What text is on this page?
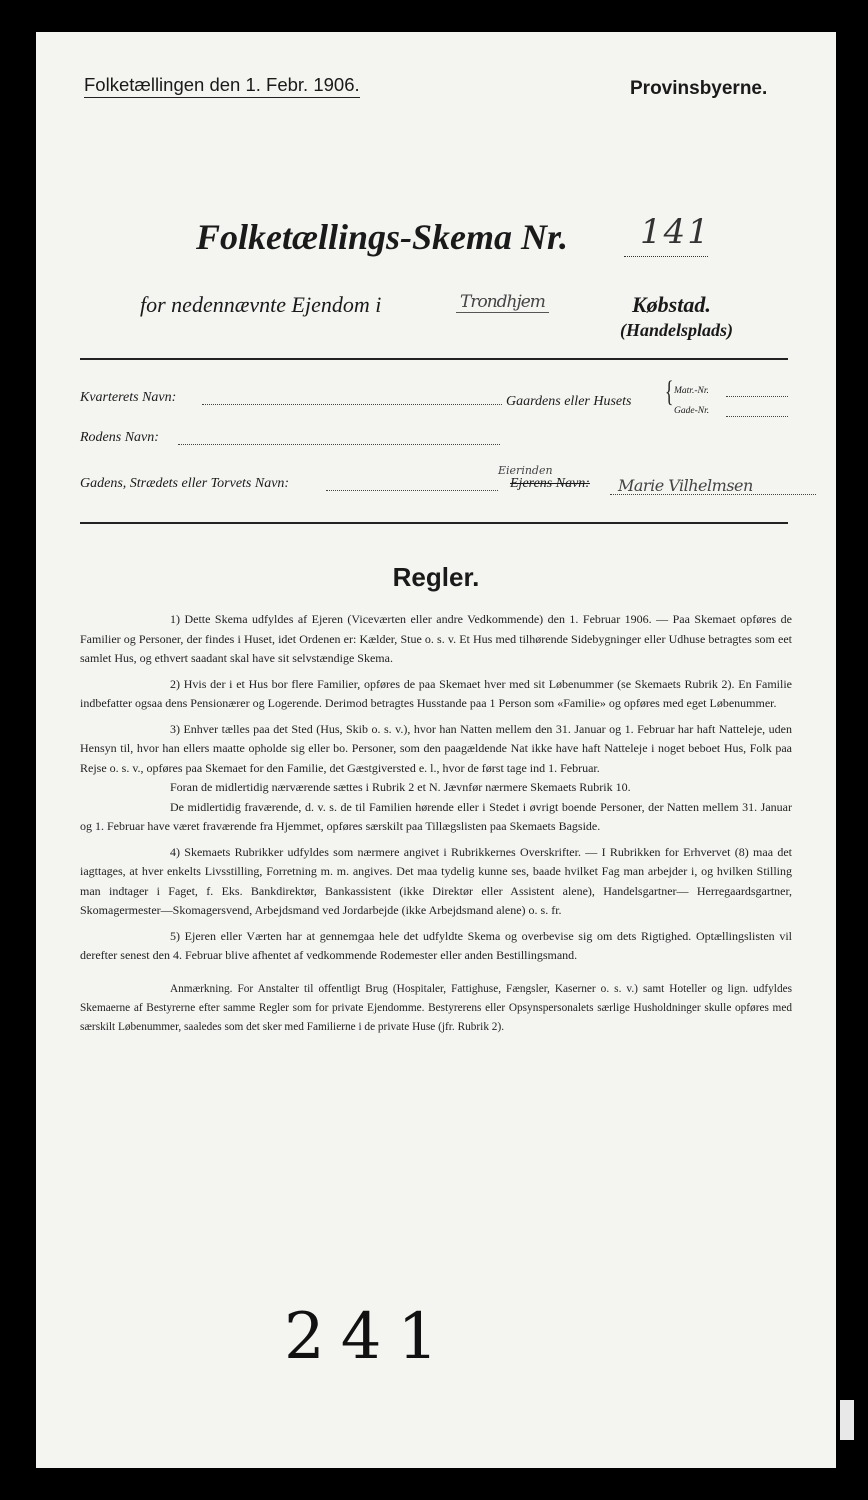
Folketællingen den 1. Febr. 1906.	Provinsbyerne.
Folketællings-Skema Nr. 141
for nedennævnte Ejendom i	Trondhjem	Købstad.
(Handelsplads)
Kvarterets Navn:	Gaardens eller Husets { Matr.-Nr.
Gade-Nr.
Rodens Navn:
Gadens, Strædets eller Torvets Navn:
Eierinden
Ejerens Navn: Marie Vilhelmsen
Regler.

1) Dette Skema udfyldes af Ejeren (Viceværten eller andre Vedkommende) den 1. Februar 1906. — Paa Skemaet opføres de Familier og Personer, der findes i Huset, idet Ordenen er: Kælder, Stue o. s. v. Et Hus med tilhørende Sidebygninger eller Udhuse betragtes som eet samlet Hus, og ethvert saadant skal have sit selvstændige Skema.

2) Hvis der i et Hus bor flere Familier, opføres de paa Skemaet hver med sit Løbenummer (se Skemaets Rubrik 2). En Familie indbefatter ogsaa dens Pensionærer og Logerende. Derimod betragtes Husstande paa 1 Person som «Familie» og opføres med eget Løbenummer.

3) Enhver tælles paa det Sted (Hus, Skib o. s. v.), hvor han Natten mellem den 31. Januar og 1. Februar har haft Natteleje, uden Hensyn til, hvor han ellers maatte opholde sig eller bo. Personer, som den paagældende Nat ikke have haft Natteleje i noget beboet Hus, Folk paa Rejse o. s. v., opføres paa Skemaet for den Familie, det Gæstgiversted e. l., hvor de først tage ind 1. Februar.

Foran de midlertidig nærværende sættes i Rubrik 2 et N. Jævnfør nærmere Skemaets Rubrik 10.

De midlertidig fraværende, d. v. s. de til Familien hørende eller i Stedet i øvrigt boende Personer, der Natten mellem 31. Januar og 1. Februar have været fraværende fra Hjemmet, opføres særskilt paa Tillægslisten paa Skemaets Bagside.

4) Skemaets Rubrikker udfyldes som nærmere angivet i Rubrikkernes Overskrifter. — I Rubrikken for Erhvervet (8) maa det iagttages, at hver enkelts Livsstilling, Forretning m. m. angives. Det maa tydelig kunne ses, baade hvilket Fag man arbejder i, og hvilken Stilling man indtager i Faget, f. Eks. Bankdirektør, Bankassistent (ikke Direktør eller Assistent alene), Handelsgartner— Herregaardsgartner, Skomagermester—Skomagersvend, Arbejdsmand ved Jordarbejde (ikke Arbejdsmand alene) o. s. fr.

5) Ejeren eller Værten har at gennemgaa hele det udfyldte Skema og overbevise sig om dets Rigtighed. Optællingslisten vil derefter senest den 4. Februar blive afhentet af vedkommende Rodemester eller anden Bestillingsmand.

Anmærkning. For Anstalter til offentligt Brug (Hospitaler, Fattighuse, Fængsler, Kaserner o. s. v.) samt Hoteller og lign. udfyldes Skemaerne af Bestyrerne efter samme Regler som for private Ejendomme. Bestyrerens eller Opsynspersonalets særlige Husholdninger skulle opføres med særskilt Løbenummer, saaledes som det sker med Familierne i de private Huse (jfr. Rubrik 2).

241
